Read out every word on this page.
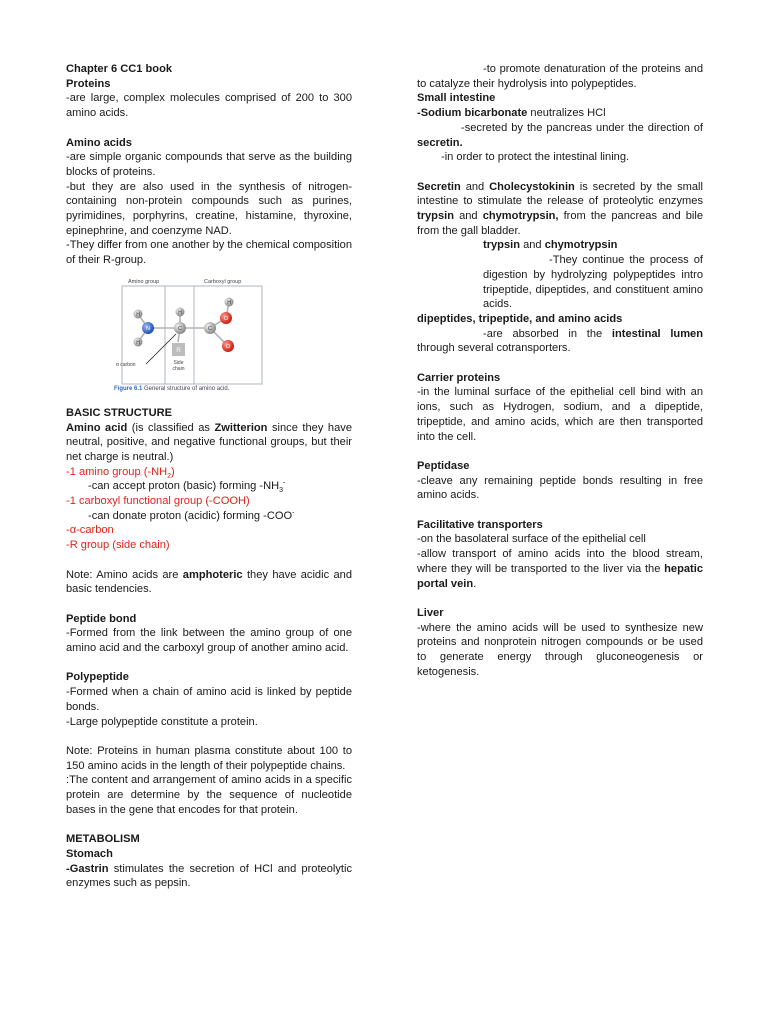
Chapter 6 CC1 book

Proteins

-are large, complex molecules comprised of 200 to 300 amino acids.

Amino acids

-are simple organic compounds that serve as the building blocks of proteins.

-but they are also used in the synthesis of nitrogen-containing non-protein compounds such as purines, pyrimidines, porphyrins, creatine, histamine, thyroxine, epinephrine, and coenzyme NAD.

-They differ from one another by the chemical composition of their R-group.

Amino group	Carboxyl group
R
Side
chain
H
H
H
N	C	C
O
O
H
α carbon
Figure 6.1 General structure of amino acid.

BASIC STRUCTURE

Amino acid (is classified as Zwitterion since they have neutral, positive, and negative functional groups, but their net charge is neutral.)

-1 amino group $(-NH_2)$

-can accept proton (basic) forming $-NH_3^-$

-1 carboxyl functional group (-COOH)

-can donate proton (acidic) forming -COO-

-α-carbon

-R group (side chain)

Note: Amino acids are amphoteric they have acidic and basic tendencies.

Peptide bond

-Formed from the link between the amino group of one amino acid and the carboxyl group of another amino acid.

Polypeptide

-Formed when a chain of amino acid is linked by peptide bonds.

-Large polypeptide constitute a protein.

Note: Proteins in human plasma constitute about 100 to 150 amino acids in the length of their polypeptide chains.

:The content and arrangement of amino acids in a specific protein are determine by the sequence of nucleotide bases in the gene that encodes for that protein.

METABOLISM

Stomach

-Gastrin stimulates the secretion of HCl and proteolytic enzymes such as pepsin.

-to promote denaturation of the proteins and to catalyze their hydrolysis into polypeptides.

Small intestine

-Sodium bicarbonate neutralizes HCl

-secreted by the pancreas under the direction of secretin.

-in order to protect the intestinal lining.

Secretin and Cholecystokinin is secreted by the small intestine to stimulate the release of proteolytic enzymes trypsin and chymotrypsin, from the pancreas and bile from the gall bladder.

trypsin and chymotrypsin

-They continue the process of digestion by hydrolyzing polypeptides intro tripeptide, dipeptides, and constituent amino acids.

dipeptides, tripeptide, and amino acids

-are absorbed in the intestinal lumen through several cotransporters.

Carrier proteins

-in the luminal surface of the epithelial cell bind with an ions, such as Hydrogen, sodium, and a dipeptide, tripeptide, and amino acids, which are then transported into the cell.

Peptidase

-cleave any remaining peptide bonds resulting in free amino acids.

Facilitative transporters

-on the basolateral surface of the epithelial cell

-allow transport of amino acids into the blood stream, where they will be transported to the liver via the hepatic portal vein.

Liver

-where the amino acids will be used to synthesize new proteins and nonprotein nitrogen compounds or be used to generate energy through gluconeogenesis or ketogenesis.
